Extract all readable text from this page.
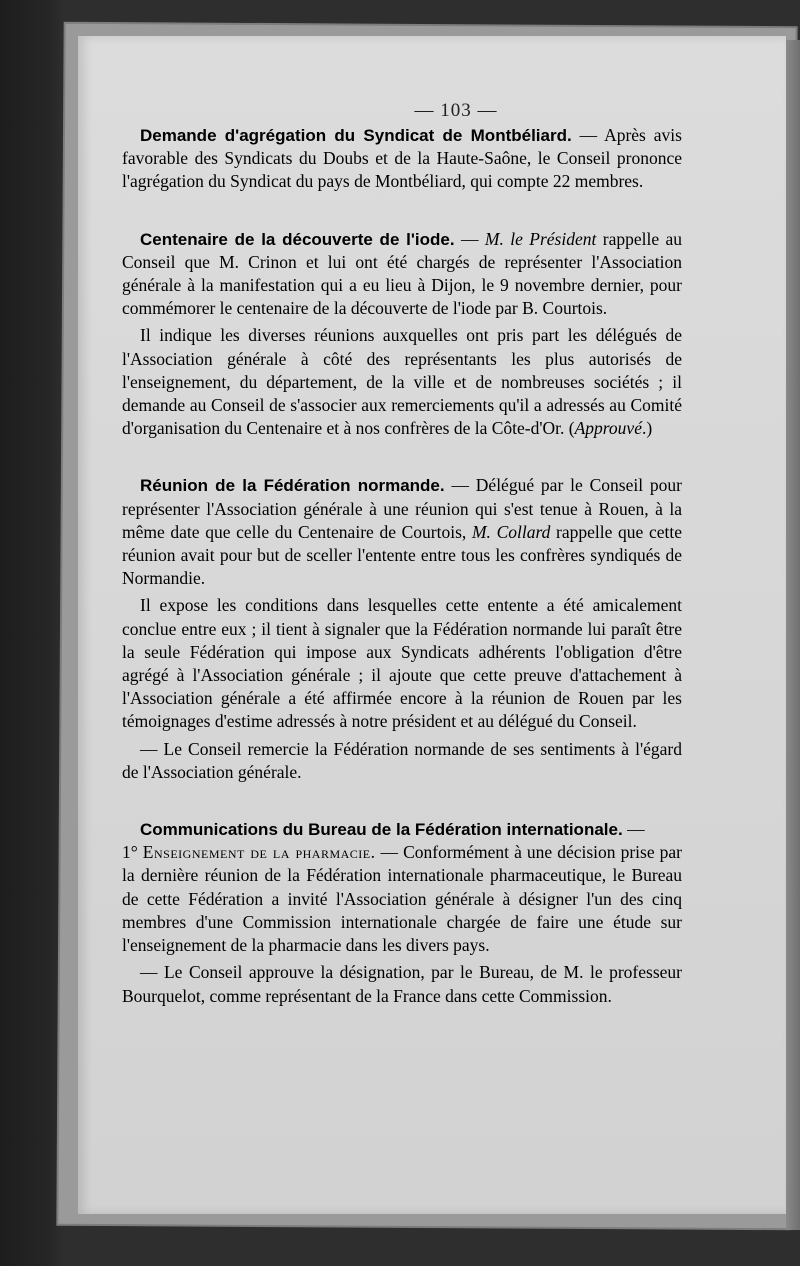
— 103 —

Demande d'agrégation du Syndicat de Montbéliard. — Après avis favorable des Syndicats du Doubs et de la Haute-Saône, le Conseil prononce l'agrégation du Syndicat du pays de Montbéliard, qui compte 22 membres.

Centenaire de la découverte de l'iode. — M. le Président rappelle au Conseil que M. Crinon et lui ont été chargés de représenter l'Association générale à la manifestation qui a eu lieu à Dijon, le 9 novembre dernier, pour commémorer le centenaire de la découverte de l'iode par B. Courtois.

Il indique les diverses réunions auxquelles ont pris part les délégués de l'Association générale à côté des représentants les plus autorisés de l'enseignement, du département, de la ville et de nombreuses sociétés ; il demande au Conseil de s'associer aux remerciements qu'il a adressés au Comité d'organisation du Centenaire et à nos confrères de la Côte-d'Or. (Approuvé.)

Réunion de la Fédération normande. — Délégué par le Conseil pour représenter l'Association générale à une réunion qui s'est tenue à Rouen, à la même date que celle du Centenaire de Courtois, M. Collard rappelle que cette réunion avait pour but de sceller l'entente entre tous les confrères syndiqués de Normandie.

Il expose les conditions dans lesquelles cette entente a été amicalement conclue entre eux ; il tient à signaler que la Fédération normande lui paraît être la seule Fédération qui impose aux Syndicats adhérents l'obligation d'être agrégé à l'Association générale ; il ajoute que cette preuve d'attachement à l'Association générale a été affirmée encore à la réunion de Rouen par les témoignages d'estime adressés à notre président et au délégué du Conseil.

— Le Conseil remercie la Fédération normande de ses sentiments à l'égard de l'Association générale.

Communications du Bureau de la Fédération internationale. —
1° Enseignement de la pharmacie. — Conformément à une décision prise par la dernière réunion de la Fédération internationale pharmaceutique, le Bureau de cette Fédération a invité l'Association générale à désigner l'un des cinq membres d'une Commission internationale chargée de faire une étude sur l'enseignement de la pharmacie dans les divers pays.

— Le Conseil approuve la désignation, par le Bureau, de M. le professeur Bourquelot, comme représentant de la France dans cette Commission.
